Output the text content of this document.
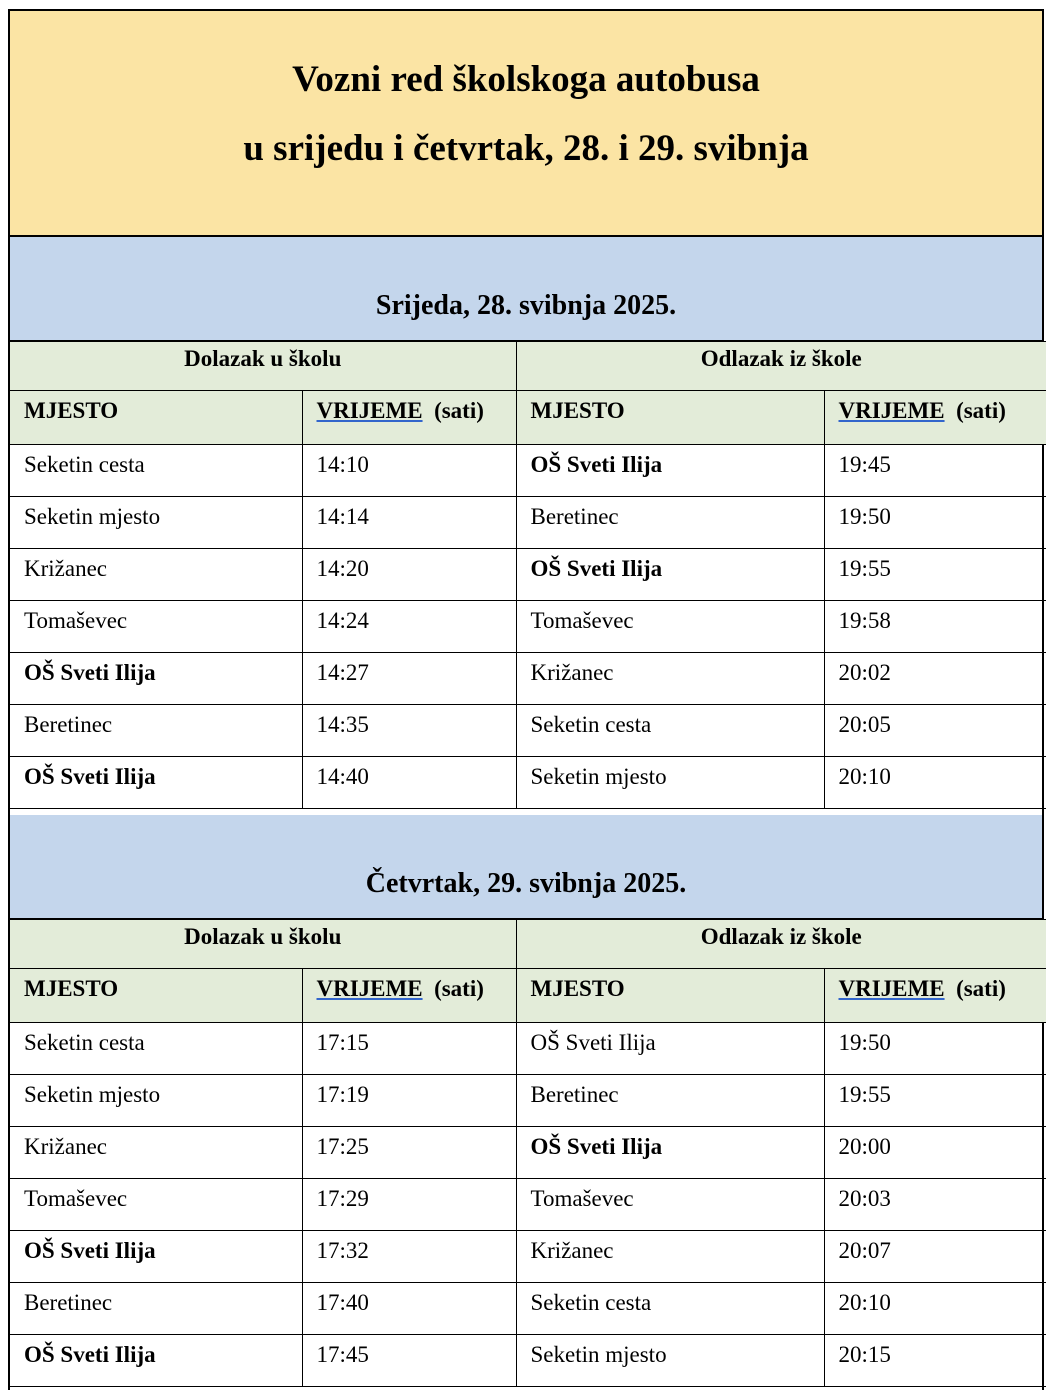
Vozni red školskoga autobusa
u srijedu i četvrtak, 28. i 29. svibnja
Srijeda, 28. svibnja 2025.
Dolazak u školu		Odlazak iz škole	
MJESTO	VRIJEME (sati)	MJESTO	VRIJEME (sati)
Seketin cesta	14:10	OŠ Sveti Ilija	19:45
Seketin mjesto	14:14	Beretinec	19:50
Križanec	14:20	OŠ Sveti Ilija	19:55
Tomaševec	14:24	Tomaševec	19:58
OŠ Sveti Ilija	14:27	Križanec	20:02
Beretinec	14:35	Seketin cesta	20:05
OŠ Sveti Ilija	14:40	Seketin mjesto	20:10
Četvrtak, 29. svibnja 2025.
Dolazak u školu		Odlazak iz škole	
MJESTO	VRIJEME (sati)	MJESTO	VRIJEME (sati)
Seketin cesta	17:15	OŠ Sveti Ilija	19:50
Seketin mjesto	17:19	Beretinec	19:55
Križanec	17:25	OŠ Sveti Ilija	20:00
Tomaševec	17:29	Tomaševec	20:03
OŠ Sveti Ilija	17:32	Križanec	20:07
Beretinec	17:40	Seketin cesta	20:10
OŠ Sveti Ilija	17:45	Seketin mjesto	20:15
